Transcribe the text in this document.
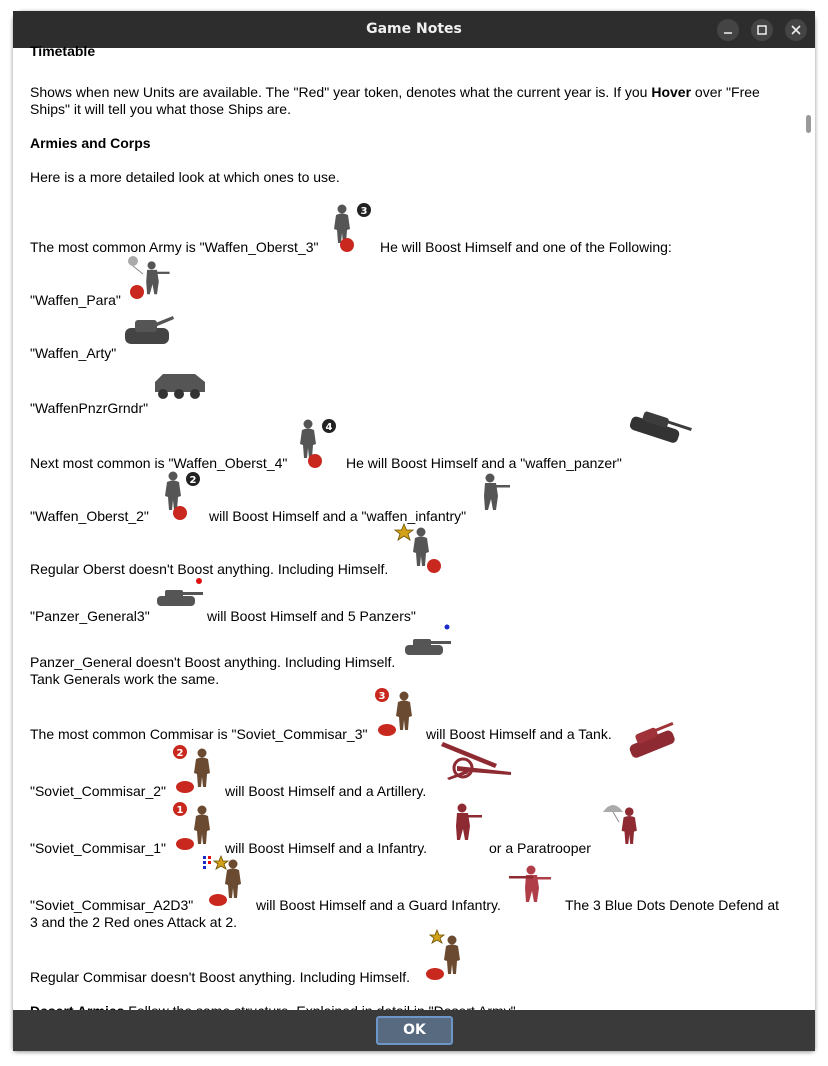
Game Notes
Timetable
Shows when new Units are available. The "Red" year token, denotes what the current year is. If you Hover over "Free
Ships" it will tell you what those Ships are.
Armies and Corps
Here is a more detailed look at which ones to use.
The most common Army is "Waffen_Oberst_3"
3
He will Boost Himself and one of the Following:
"Waffen_Para"
"Waffen_Arty"
"WaffenPnzrGrndr"
Next most common is "Waffen_Oberst_4"
4
He will Boost Himself and a "waffen_panzer"
"Waffen_Oberst_2"
2
will Boost Himself and a "waffen_infantry"
Regular Oberst doesn't Boost anything. Including Himself.
"Panzer_General3"	will Boost Himself and 5 Panzers"
Panzer_General doesn't Boost anything. Including Himself.
Tank Generals work the same.
The most common Commisar is "Soviet_Commisar_3"
3
will Boost Himself and a Tank.
"Soviet_Commisar_2"
2
will Boost Himself and a Artillery.
"Soviet_Commisar_1"
1
will Boost Himself and a Infantry.	or a Paratrooper
"Soviet_Commisar_A2D3"	will Boost Himself and a Guard Infantry.	The 3 Blue Dots Denote Defend at
3 and the 2 Red ones Attack at 2.
Regular Commisar doesn't Boost anything. Including Himself.
OK
